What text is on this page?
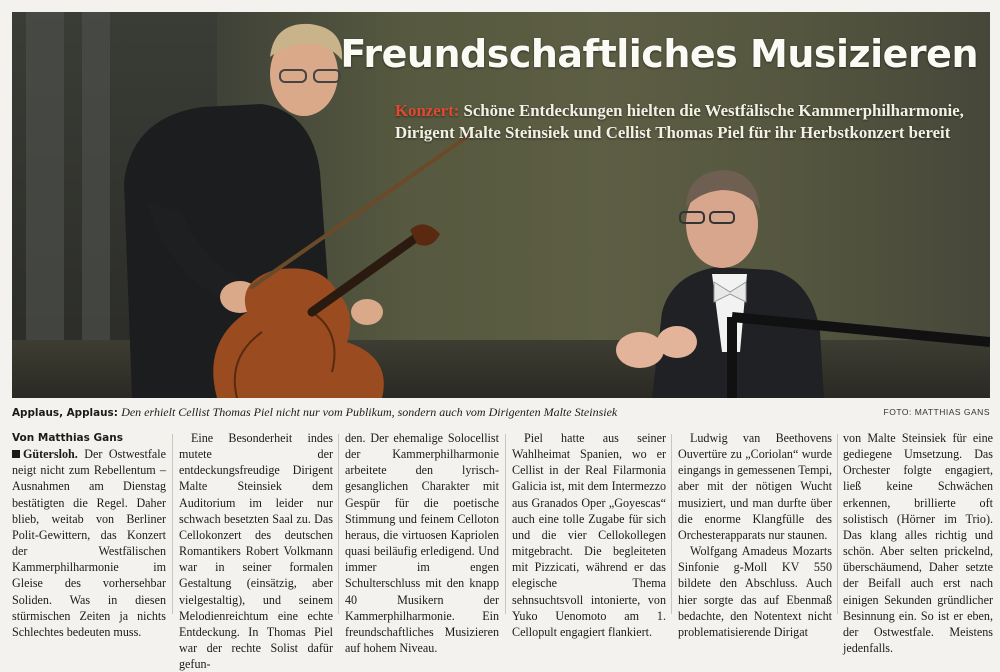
Freundschaftliches Musizieren

Konzert: Schöne Entdeckungen hielten die Westfälische Kammerphilharmonie, Dirigent Malte Steinsiek und Cellist Thomas Piel für ihr Herbstkonzert bereit

Applaus, Applaus: Den erhielt Cellist Thomas Piel nicht nur vom Publikum, sondern auch vom Dirigenten Malte Steinsiek	FOTO: MATTHIAS GANS

Von Matthias Gans

Gütersloh. Der Ostwestfale neigt nicht zum Rebellentum – Ausnahmen am Dienstag bestätigten die Regel. Daher blieb, weitab von Berliner Polit-Gewittern, das Konzert der Westfälischen Kammerphilharmonie im Gleise des vorhersehbar Soliden. Was in diesen stürmischen Zeiten ja nichts Schlechtes bedeuten muss.

Eine Besonderheit indes mutete der entdeckungsfreudige Dirigent Malte Steinsiek dem Auditorium im leider nur schwach besetzten Saal zu. Das Cellokonzert des deutschen Romantikers Robert Volkmann war in seiner formalen Gestaltung (einsätzig, aber vielgestaltig), und seinem Melodienreichtum eine echte Entdeckung. In Thomas Piel war der rechte Solist dafür gefun-

den. Der ehemalige Solocellist der Kammerphilharmonie arbeitete den lyrisch-gesanglichen Charakter mit Gespür für die poetische Stimmung und feinem Celloton heraus, die virtuosen Kapriolen quasi beiläufig erledigend. Und immer im engen Schulterschluss mit den knapp 40 Musikern der Kammerphilharmonie. Ein freundschaftliches Musizieren auf hohem Niveau.

Piel hatte aus seiner Wahlheimat Spanien, wo er Cellist in der Real Filarmonia Galicia ist, mit dem Intermezzo aus Granados Oper „Goyescas“ auch eine tolle Zugabe für sich und die vier Cellokollegen mitgebracht. Die begleiteten mit Pizzicati, während er das elegische Thema sehnsuchtsvoll intonierte, von Yuko Uenomoto am 1. Cellopult engagiert flankiert.

Ludwig van Beethovens Ouvertüre zu „Coriolan“ wurde eingangs in gemessenen Tempi, aber mit der nötigen Wucht musiziert, und man durfte über die enorme Klangfülle des Orchesterapparats nur staunen.

Wolfgang Amadeus Mozarts Sinfonie g-Moll KV 550 bildete den Abschluss. Auch hier sorgte das auf Ebenmaß bedachte, den Notentext nicht problematisierende Dirigat

von Malte Steinsiek für eine gediegene Umsetzung. Das Orchester folgte engagiert, ließ keine Schwächen erkennen, brillierte oft solistisch (Hörner im Trio). Das klang alles richtig und schön. Aber selten prickelnd, überschäumend, Daher setzte der Beifall auch erst nach einigen Sekunden gründlicher Besinnung ein. So ist er eben, der Ostwestfale. Meistens jedenfalls.
